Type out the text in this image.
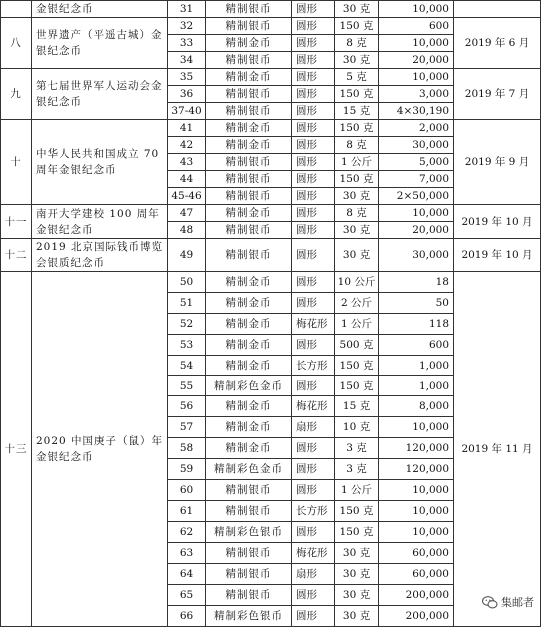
	金银纪念币	31	精制银币	圆形	30 克	10,000	
八	世界遗产（平遥古城）金银纪念币	32	精制银币	圆形	150 克	600	2019 年 6 月
		33	精制金币	圆形	8 克	10,000	
		34	精制银币	圆形	30 克	20,000	
九	第七届世界军人运动会金银纪念币	35	精制金币	圆形	5 克	10,000	2019 年 7 月
		36	精制银币	圆形	150 克	3,000	
		37-40	精制银币	圆形	15 克	4×30,190	
十	中华人民共和国成立 70 周年金银纪念币	41	精制金币	圆形	150 克	2,000	2019 年 9 月
		42	精制金币	圆形	8 克	30,000	
		43	精制银币	圆形	1 公斤	5,000	
		44	精制银币	圆形	150 克	7,000	
		45-46	精制银币	圆形	30 克	2×50,000	
十一	南开大学建校 100 周年金银纪念币	47	精制金币	圆形	8 克	10,000	2019 年 10 月
		48	精制银币	圆形	30 克	20,000	
十二	2019 北京国际钱币博览会银质纪念币	49	精制银币	圆形	30 克	30,000	2019 年 10 月
十三	2020 中国庚子（鼠）年金银纪念币	50	精制金币	圆形	10 公斤	18	2019 年 11 月
		51	精制金币	圆形	2 公斤	50	
		52	精制金币	梅花形	1 公斤	118	
		53	精制金币	圆形	500 克	600	
		54	精制金币	长方形	150 克	1,000	
		55	精制彩色金币	圆形	150 克	1,000	
		56	精制金币	梅花形	15 克	8,000	
		57	精制金币	扇形	10 克	10,000	
		58	精制金币	圆形	3 克	120,000	
		59	精制彩色金币	圆形	3 克	120,000	
		60	精制银币	圆形	1 公斤	10,000	
		61	精制银币	长方形	150 克	10,000	
		62	精制彩色银币	圆形	150 克	10,000	
		63	精制银币	梅花形	30 克	60,000	
		64	精制银币	扇形	30 克	60,000	
		65	精制银币	圆形	30 克	200,000	
		66	精制彩色银币	圆形	30 克	200,000	
集邮者
